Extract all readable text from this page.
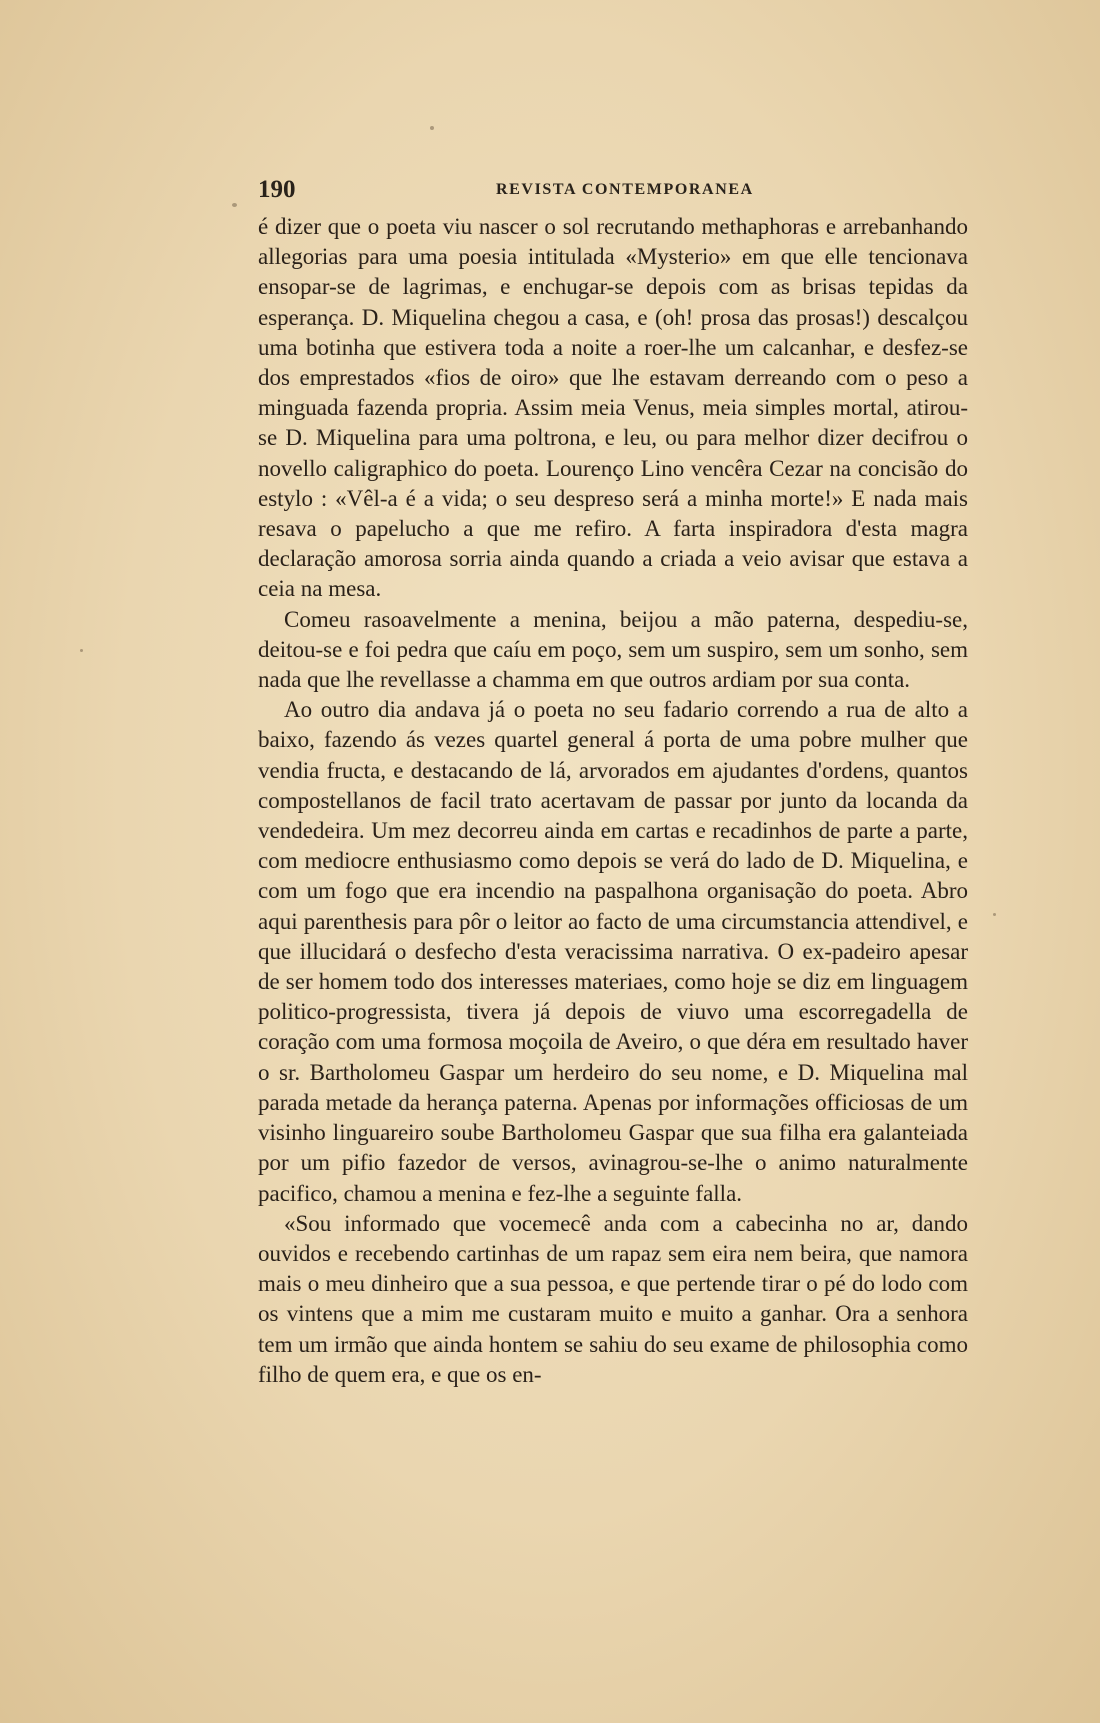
190	REVISTA CONTEMPORANEA

é dizer que o poeta viu nascer o sol recrutando methaphoras e arrebanhando allegorias para uma poesia intitulada «Mysterio» em que elle tencionava ensopar-se de lagrimas, e enchugar-se depois com as brisas tepidas da esperança. D. Miquelina chegou a casa, e (oh! prosa das prosas!) descalçou uma botinha que estivera toda a noite a roer-lhe um calcanhar, e desfez-se dos emprestados «fios de oiro» que lhe estavam derreando com o peso a minguada fazenda propria. Assim meia Venus, meia simples mortal, atirou-se D. Miquelina para uma poltrona, e leu, ou para melhor dizer decifrou o novello caligraphico do poeta. Lourenço Lino vencêra Cezar na concisão do estylo : «Vêl-a é a vida; o seu despreso será a minha morte!» E nada mais resava o papelucho a que me refiro. A farta inspiradora d'esta magra declaração amorosa sorria ainda quando a criada a veio avisar que estava a ceia na mesa.

Comeu rasoavelmente a menina, beijou a mão paterna, despediu-se, deitou-se e foi pedra que caíu em poço, sem um suspiro, sem um sonho, sem nada que lhe revellasse a chamma em que outros ardiam por sua conta.

Ao outro dia andava já o poeta no seu fadario correndo a rua de alto a baixo, fazendo ás vezes quartel general á porta de uma pobre mulher que vendia fructa, e destacando de lá, arvorados em ajudantes d'ordens, quantos compostellanos de facil trato acertavam de passar por junto da locanda da vendedeira. Um mez decorreu ainda em cartas e recadinhos de parte a parte, com mediocre enthusiasmo como depois se verá do lado de D. Miquelina, e com um fogo que era incendio na paspalhona organisação do poeta. Abro aqui parenthesis para pôr o leitor ao facto de uma circumstancia attendivel, e que illucidará o desfecho d'esta veracissima narrativa. O ex-padeiro apesar de ser homem todo dos interesses materiaes, como hoje se diz em linguagem politico-progressista, tivera já depois de viuvo uma escorregadella de coração com uma formosa moçoila de Aveiro, o que déra em resultado haver o sr. Bartholomeu Gaspar um herdeiro do seu nome, e D. Miquelina mal parada metade da herança paterna. Apenas por informações officiosas de um visinho linguareiro soube Bartholomeu Gaspar que sua filha era galanteiada por um pifio fazedor de versos, avinagrou-se-lhe o animo naturalmente pacifico, chamou a menina e fez-lhe a seguinte falla.

«Sou informado que vocemecê anda com a cabecinha no ar, dando ouvidos e recebendo cartinhas de um rapaz sem eira nem beira, que namora mais o meu dinheiro que a sua pessoa, e que pertende tirar o pé do lodo com os vintens que a mim me custaram muito e muito a ganhar. Ora a senhora tem um irmão que ainda hontem se sahiu do seu exame de philosophia como filho de quem era, e que os en-
